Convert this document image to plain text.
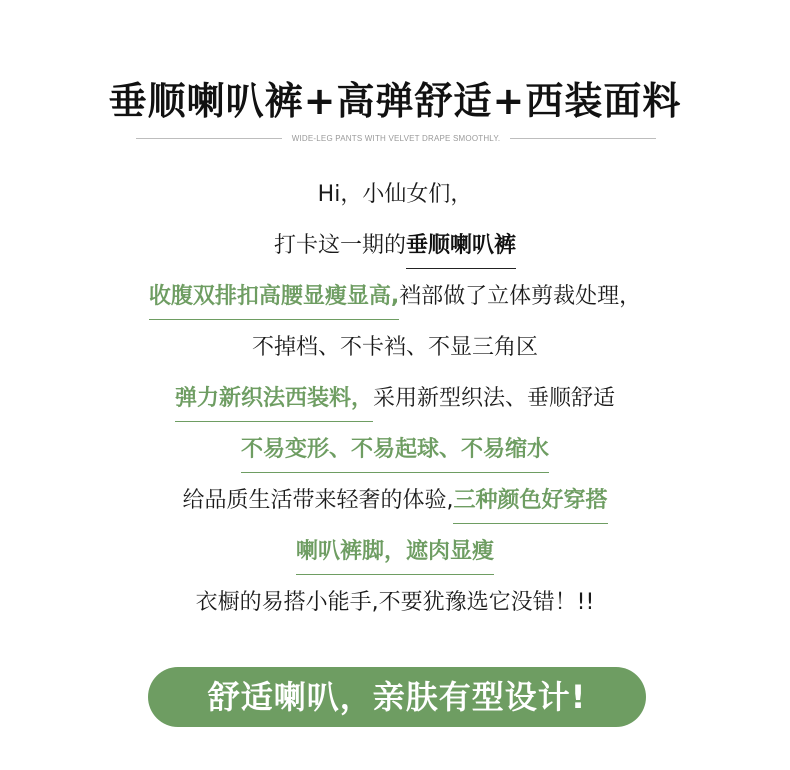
垂顺喇叭裤+高弹舒适+西装面料
WIDE-LEG PANTS WITH VELVET DRAPE SMOOTHLY.
Hi，小仙女们，
打卡这一期的垂顺喇叭裤
收腹双排扣高腰显瘦显高,裆部做了立体剪裁处理，
不掉档、不卡裆、不显三角区
弹力新织法西装料，采用新型织法、垂顺舒适
不易变形、不易起球、不易缩水
给品质生活带来轻奢的体验,三种颜色好穿搭
喇叭裤脚，遮肉显瘦
衣橱的易搭小能手,不要犹豫选它没错！!!
舒适喇叭，亲肤有型设计!
